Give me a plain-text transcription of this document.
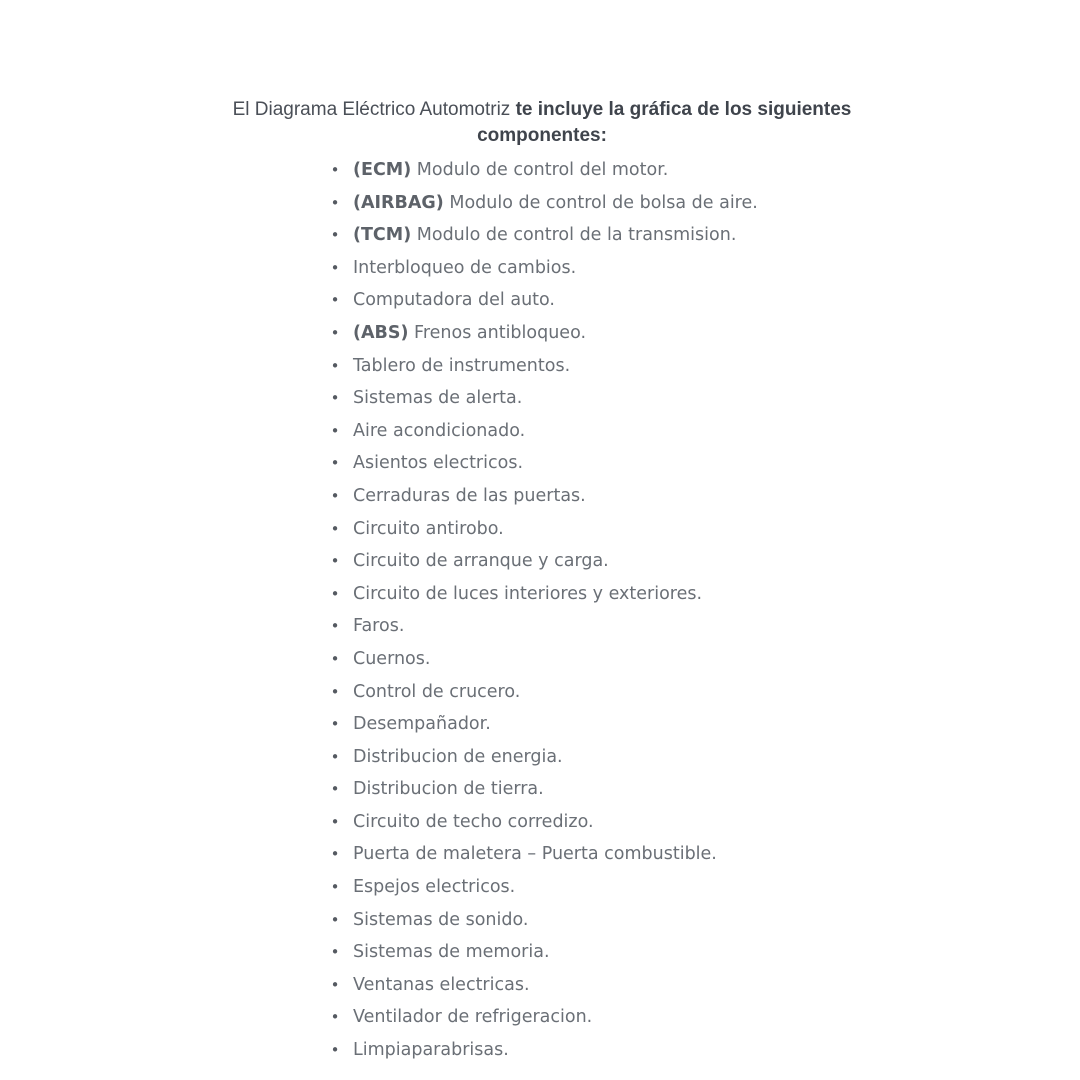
El Diagrama Eléctrico Automotriz te incluye la gráfica de los siguientes componentes:

• (ECM) Modulo de control del motor.
• (AIRBAG) Modulo de control de bolsa de aire.
• (TCM) Modulo de control de la transmision.
• Interbloqueo de cambios.
• Computadora del auto.
• (ABS) Frenos antibloqueo.
• Tablero de instrumentos.
• Sistemas de alerta.
• Aire acondicionado.
• Asientos electricos.
• Cerraduras de las puertas.
• Circuito antirobo.
• Circuito de arranque y carga.
• Circuito de luces interiores y exteriores.
• Faros.
• Cuernos.
• Control de crucero.
• Desempañador.
• Distribucion de energia.
• Distribucion de tierra.
• Circuito de techo corredizo.
• Puerta de maletera – Puerta combustible.
• Espejos electricos.
• Sistemas de sonido.
• Sistemas de memoria.
• Ventanas electricas.
• Ventilador de refrigeracion.
• Limpiaparabrisas.
